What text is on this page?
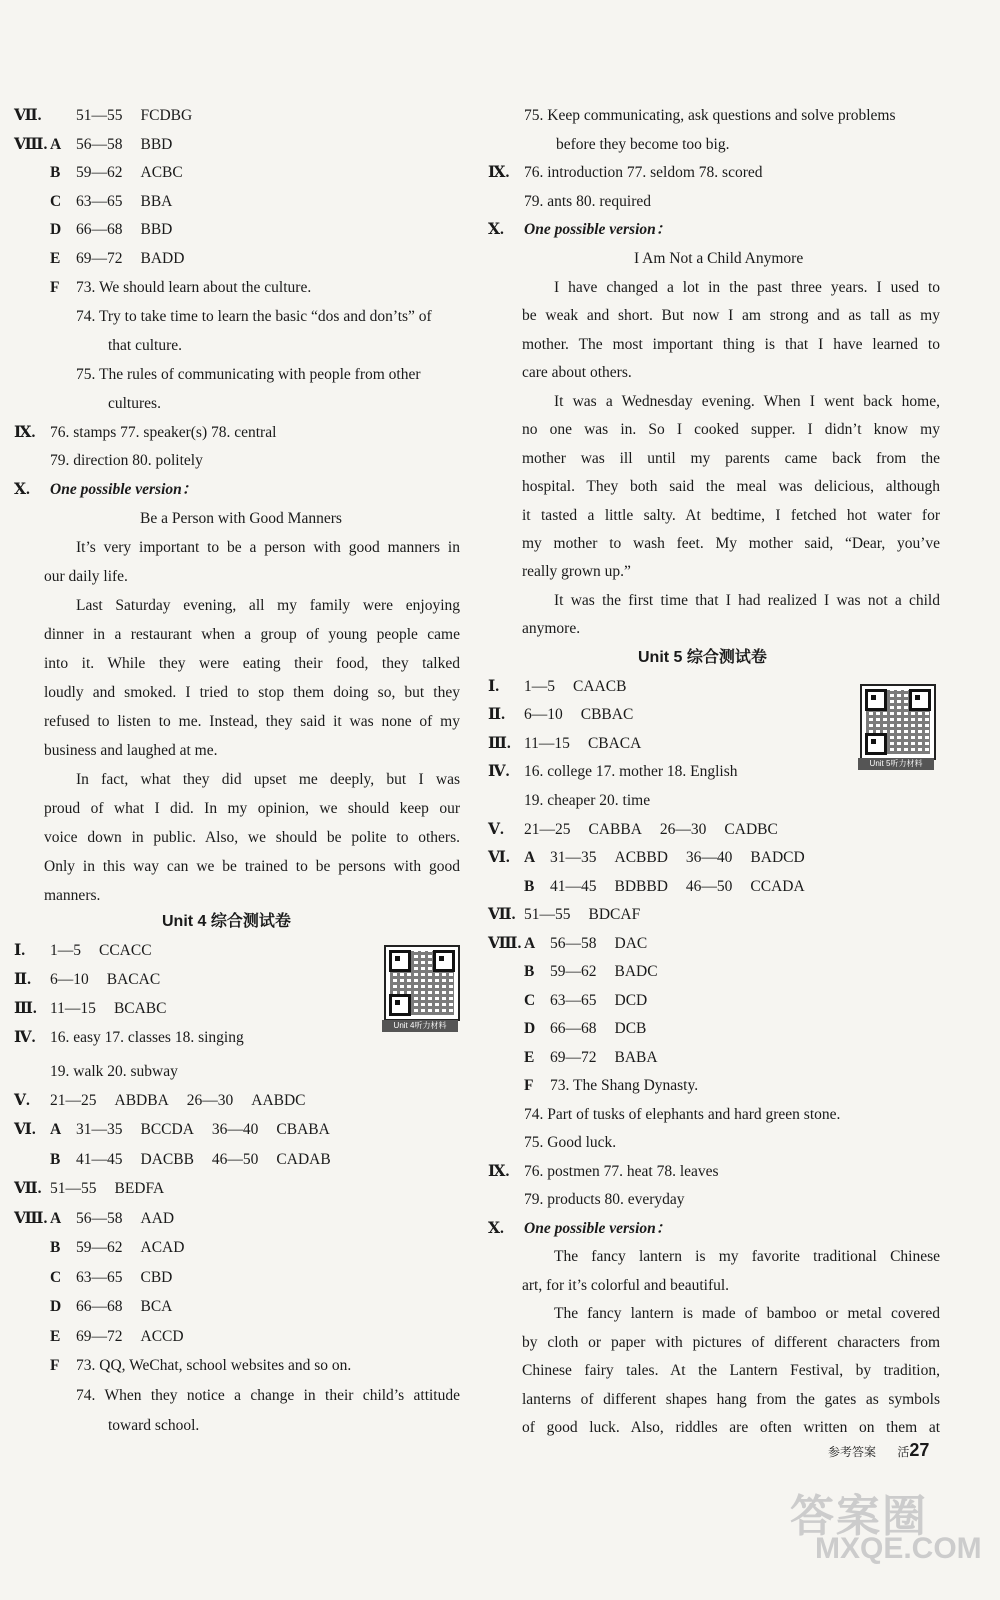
Ⅶ. 51—55 FCDBG
Ⅷ. A 56—58 BBD
B 59—62 ACBC
C 63—65 BBA
D 66—68 BBD
E 69—72 BADD
F 73. We should learn about the culture.
74. Try to take time to learn the basic “dos and don’ts” of
that culture.
75. The rules of communicating with people from other
cultures.
Ⅸ. 76. stamps 77. speaker(s) 78. central
79. direction 80. politely
Ⅹ. One possible version：
Be a Person with Good Manners
It’s very important to be a person with good manners in
our daily life.
Last Saturday evening, all my family were enjoying
dinner in a restaurant when a group of young people came
into it. While they were eating their food, they talked
loudly and smoked. I tried to stop them doing so, but they
refused to listen to me. Instead, they said it was none of my
business and laughed at me.
In fact, what they did upset me deeply, but I was
proud of what I did. In my opinion, we should keep our
voice down in public. Also, we should be polite to others.
Only in this way can we be trained to be persons with good
manners.
Unit 4 综合测试卷
Ⅰ. 1—5 CCACC
Ⅱ. 6—10 BACAC
Ⅲ. 11—15 BCABC
Ⅳ. 16. easy 17. classes 18. singing
19. walk 20. subway
Ⅴ. 21—25 ABDBA 26—30 AABDC
Ⅵ. A 31—35 BCCDA 36—40 CBABA
B 41—45 DACBB 46—50 CADAB
Ⅶ. 51—55 BEDFA
Ⅷ. A 56—58 AAD
B 59—62 ACAD
C 63—65 CBD
D 66—68 BCA
E 69—72 ACCD
F 73. QQ, WeChat, school websites and so on.
74. When they notice a change in their child’s attitude
toward school.
Unit 4听力材料
75. Keep communicating, ask questions and solve problems
before they become too big.
Ⅸ. 76. introduction 77. seldom 78. scored
79. ants 80. required
Ⅹ. One possible version：
I Am Not a Child Anymore
I have changed a lot in the past three years. I used to
be weak and short. But now I am strong and as tall as my
mother. The most important thing is that I have learned to
care about others.
It was a Wednesday evening. When I went back home,
no one was in. So I cooked supper. I didn’t know my
mother was ill until my parents came back from the
hospital. They both said the meal was delicious, although
it tasted a little salty. At bedtime, I fetched hot water for
my mother to wash feet. My mother said, “Dear, you’ve
really grown up.”
It was the first time that I had realized I was not a child
anymore.
Unit 5 综合测试卷
Ⅰ. 1—5 CAACB
Ⅱ. 6—10 CBBAC
Ⅲ. 11—15 CBACA
Ⅳ. 16. college 17. mother 18. English
19. cheaper 20. time
Ⅴ. 21—25 CABBA 26—30 CADBC
Ⅵ. A 31—35 ACBBD 36—40 BADCD
B 41—45 BDBBD 46—50 CCADA
Ⅶ. 51—55 BDCAF
Ⅷ. A 56—58 DAC
B 59—62 BADC
C 63—65 DCD
D 66—68 DCB
E 69—72 BABA
F 73. The Shang Dynasty.
74. Part of tusks of elephants and hard green stone.
75. Good luck.
Ⅸ. 76. postmen 77. heat 78. leaves
79. products 80. everyday
Ⅹ. One possible version：
The fancy lantern is my favorite traditional Chinese
art, for it’s colorful and beautiful.
The fancy lantern is made of bamboo or metal covered
by cloth or paper with pictures of different characters from
Chinese fairy tales. At the Lantern Festival, by tradition,
lanterns of different shapes hang from the gates as symbols
of good luck. Also, riddles are often written on them at
Unit 5听力材料
参考答案 活27
答案圈
MXQE.COM
